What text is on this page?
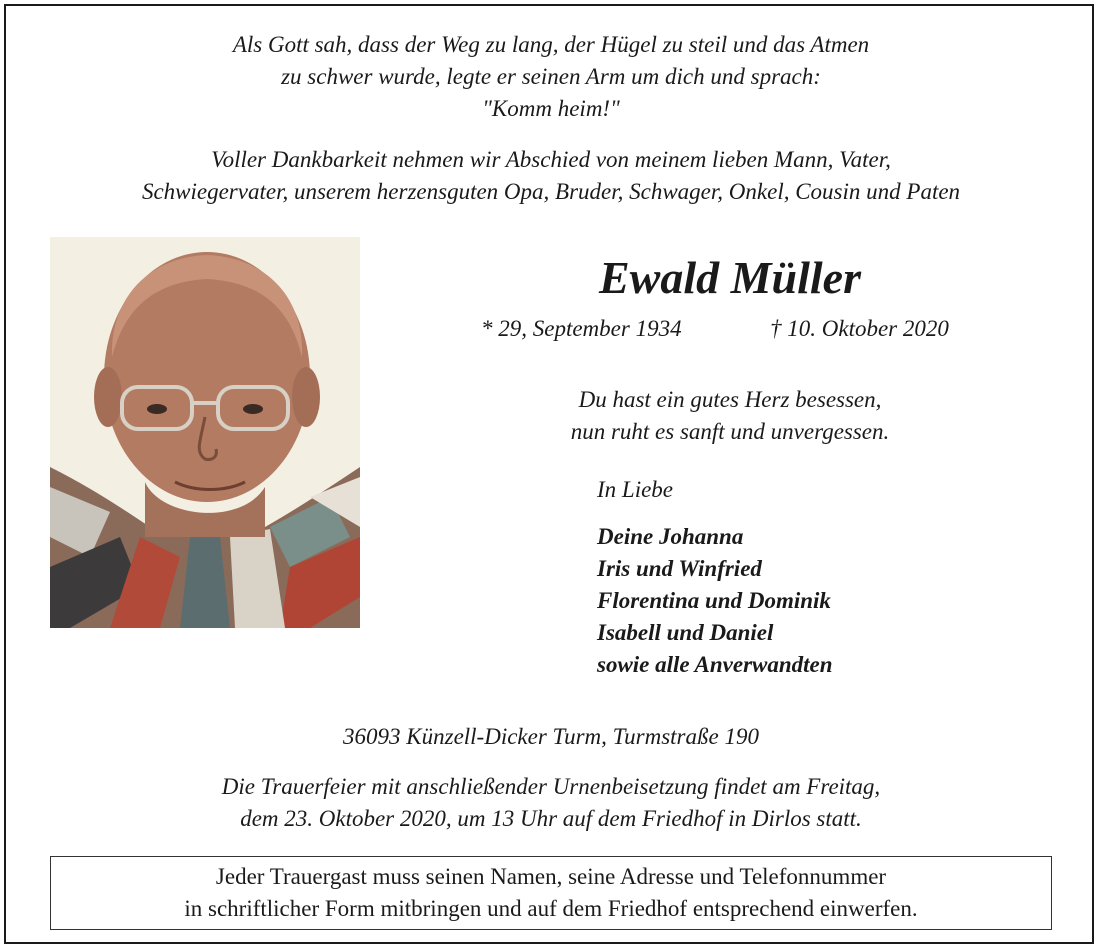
Als Gott sah, dass der Weg zu lang, der Hügel zu steil und das Atmen
zu schwer wurde, legte er seinen Arm um dich und sprach:
"Komm heim!"
Voller Dankbarkeit nehmen wir Abschied von meinem lieben Mann, Vater,
Schwiegervater, unserem herzensguten Opa, Bruder, Schwager, Onkel, Cousin und Paten
Ewald Müller
* 29, September 1934	† 10. Oktober 2020
Du hast ein gutes Herz besessen,
nun ruht es sanft und unvergessen.
In Liebe
Deine Johanna
Iris und Winfried
Florentina und Dominik
Isabell und Daniel
sowie alle Anverwandten
36093 Künzell-Dicker Turm, Turmstraße 190
Die Trauerfeier mit anschließender Urnenbeisetzung findet am Freitag,
dem 23. Oktober 2020, um 13 Uhr auf dem Friedhof in Dirlos statt.
Jeder Trauergast muss seinen Namen, seine Adresse und Telefonnummer
in schriftlicher Form mitbringen und auf dem Friedhof entsprechend einwerfen.
